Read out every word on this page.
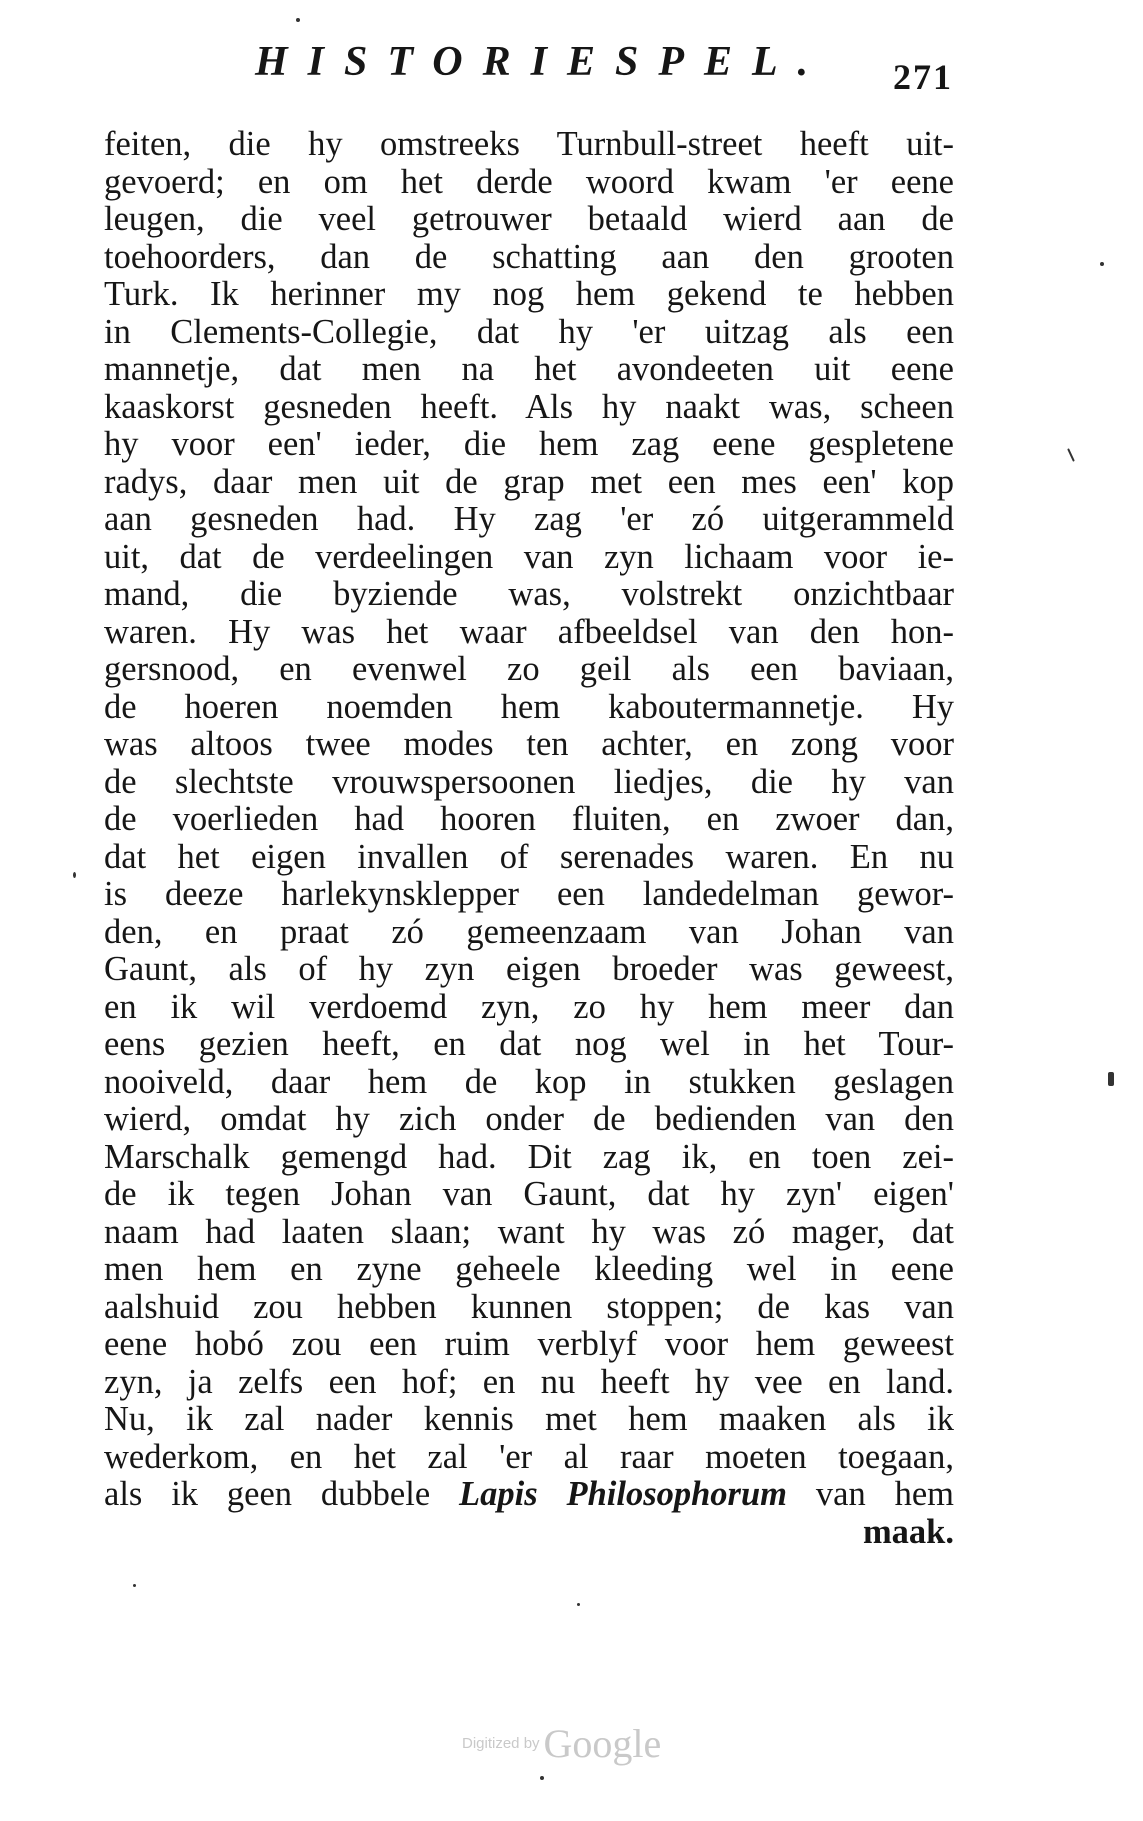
HISTORIESPEL. 271
feiten, die hy omstreeks Turnbull-street heeft uit-
gevoerd; en om het derde woord kwam 'er eene
leugen, die veel getrouwer betaald wierd aan de
toehoorders, dan de schatting aan den grooten
Turk. Ik herinner my nog hem gekend te hebben
in Clements-Collegie, dat hy 'er uitzag als een
mannetje, dat men na het avondeeten uit eene
kaaskorst gesneden heeft. Als hy naakt was, scheen
hy voor een' ieder, die hem zag eene gespletene
radys, daar men uit de grap met een mes een' kop
aan gesneden had. Hy zag 'er zó uitgerammeld
uit, dat de verdeelingen van zyn lichaam voor ie-
mand, die byziende was, volstrekt onzichtbaar
waren. Hy was het waar afbeeldsel van den hon-
gersnood, en evenwel zo geil als een baviaan,
de hoeren noemden hem kaboutermannetje. Hy
was altoos twee modes ten achter, en zong voor
de slechtste vrouwspersoonen liedjes, die hy van
de voerlieden had hooren fluiten, en zwoer dan,
dat het eigen invallen of serenades waren. En nu
is deeze harlekynsklepper een landedelman gewor-
den, en praat zó gemeenzaam van Johan van
Gaunt, als of hy zyn eigen broeder was geweest,
en ik wil verdoemd zyn, zo hy hem meer dan
eens gezien heeft, en dat nog wel in het Tour-
nooiveld, daar hem de kop in stukken geslagen
wierd, omdat hy zich onder de bedienden van den
Marschalk gemengd had. Dit zag ik, en toen zei-
de ik tegen Johan van Gaunt, dat hy zyn' eigen'
naam had laaten slaan; want hy was zó mager, dat
men hem en zyne geheele kleeding wel in eene
aalshuid zou hebben kunnen stoppen; de kas van
eene hobó zou een ruim verblyf voor hem geweest
zyn, ja zelfs een hof; en nu heeft hy vee en land.
Nu, ik zal nader kennis met hem maaken als ik
wederkom, en het zal 'er al raar moeten toegaan,
als ik geen dubbele Lapis Philosophorum van hem
maak.
Digitized by Google
